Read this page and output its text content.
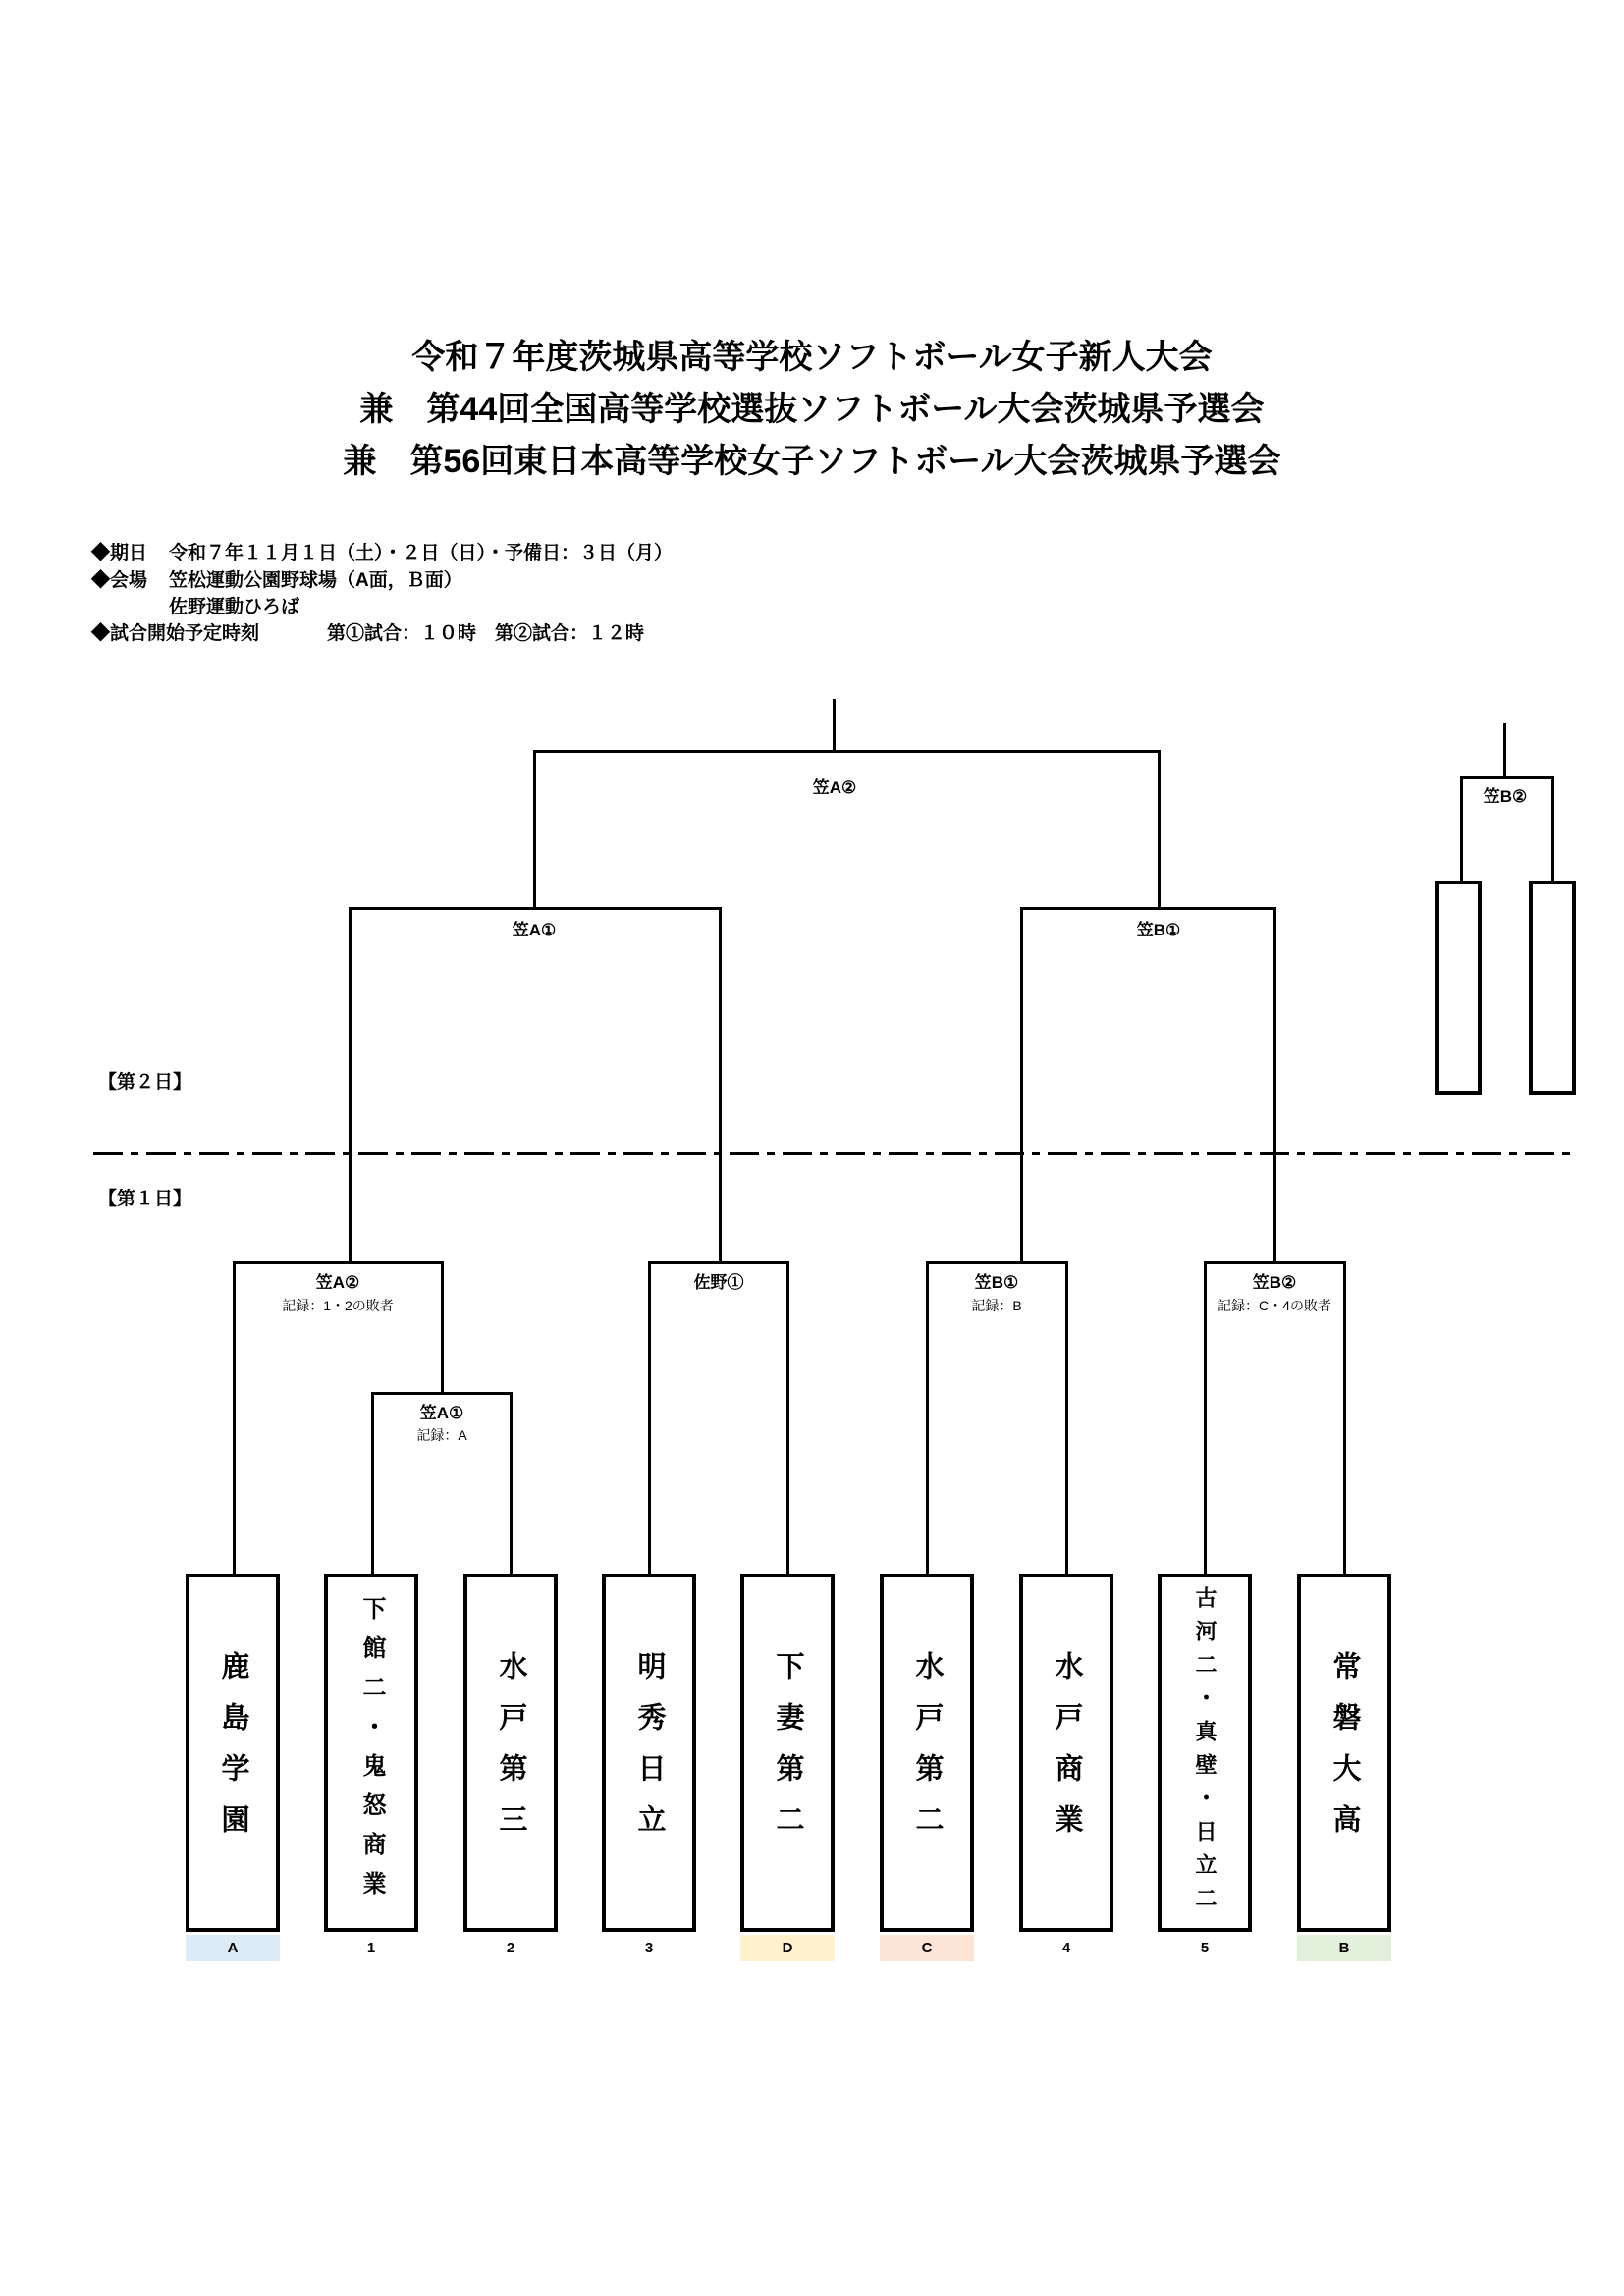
令和７年度茨城県高等学校ソフトボール女子新人大会
兼　第44回全国高等学校選抜ソフトボール大会茨城県予選会
兼　第56回東日本高等学校女子ソフトボール大会茨城県予選会
◆期日 令和７年１１月１日（土）・２日（日）・予備日：３日（月）
◆会場 笠松運動公園野球場（A面，Ｂ面）
佐野運動ひろば
◆試合開始予定時刻	第①試合：１０時　第②試合：１２時
【第２日】
【第１日】
笠A②	笠B②
笠A①	笠B①
笠A②
記録：1・2の敗者
佐野①	笠B①
記録：B
笠B②
記録：C・4の敗者
笠A①
記録：A
鹿島学園	下館二・鬼怒商業	水戸第三	明秀日立	下妻第二	水戸第二	水戸商業	古河二・真壁・日立二	常磐大高
A	1	2	3	D	C	4	5	B
